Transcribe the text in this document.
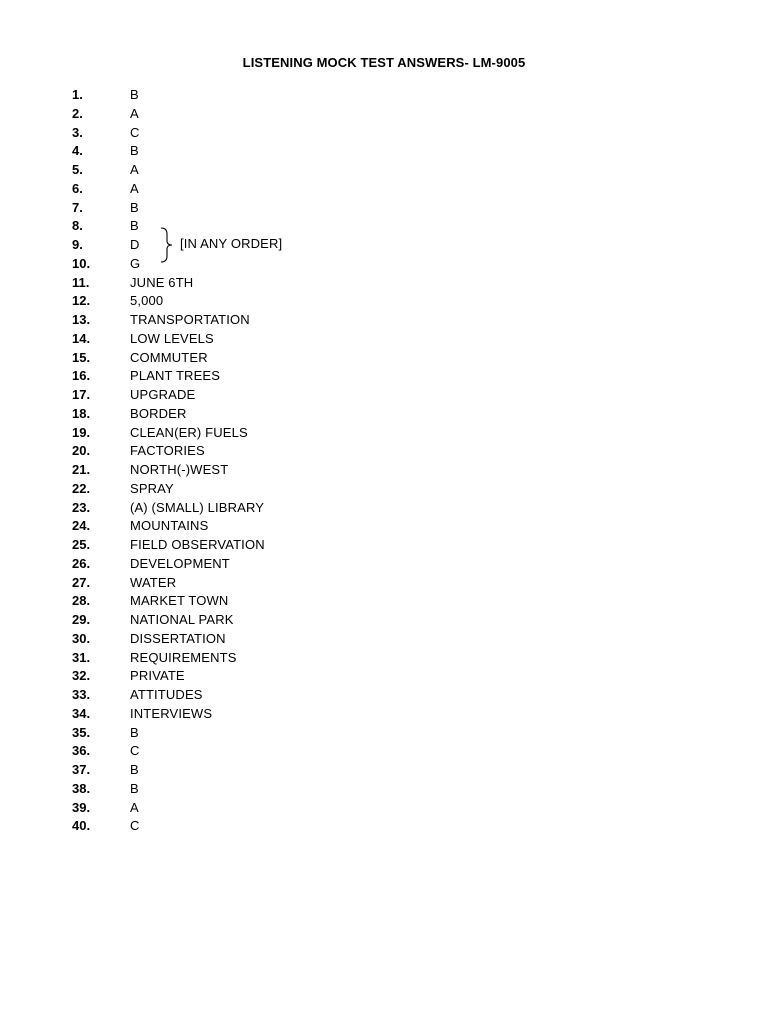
LISTENING MOCK TEST ANSWERS- LM-9005
1.	B
2.	A
3.	C
4.	B
5.	A
6.	A
7.	B
8.	B
9.	D
10.	G
11.	JUNE 6TH
12.	5,000
13.	TRANSPORTATION
14.	LOW LEVELS
15.	COMMUTER
16.	PLANT TREES
17.	UPGRADE
18.	BORDER
19.	CLEAN(ER) FUELS
20.	FACTORIES
21.	NORTH(-)WEST
22.	SPRAY
23.	(A) (SMALL) LIBRARY
24.	MOUNTAINS
25.	FIELD OBSERVATION
26.	DEVELOPMENT
27.	WATER
28.	MARKET TOWN
29.	NATIONAL PARK
30.	DISSERTATION
31.	REQUIREMENTS
32.	PRIVATE
33.	ATTITUDES
34.	INTERVIEWS
35.	B
36.	C
37.	B
38.	B
39.	A
40.	C
[IN ANY ORDER]
